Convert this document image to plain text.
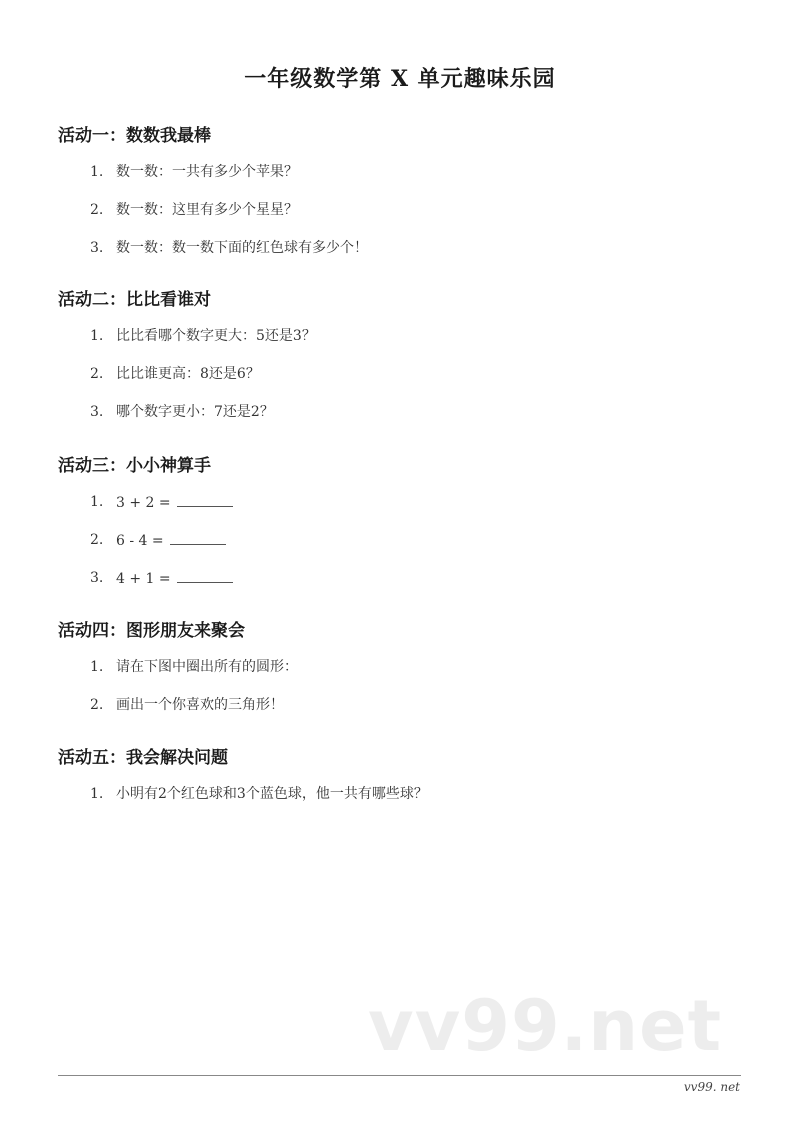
一年级数学第 X 单元趣味乐园
活动一：数数我最棒
1. 数一数：一共有多少个苹果？
2. 数一数：这里有多少个星星？
3. 数一数：数一数下面的红色球有多少个！
活动二：比比看谁对
1. 比比看哪个数字更大：5还是3？
2. 比比谁更高：8还是6？
3. 哪个数字更小：7还是2？
活动三：小小神算手
1. 3 + 2 =
2. 6 - 4 =
3. 4 + 1 =
活动四：图形朋友来聚会
1. 请在下图中圈出所有的圆形：
2. 画出一个你喜欢的三角形！
活动五：我会解决问题
1. 小明有2个红色球和3个蓝色球，他一共有哪些球？
vv99.net
vv99. net
